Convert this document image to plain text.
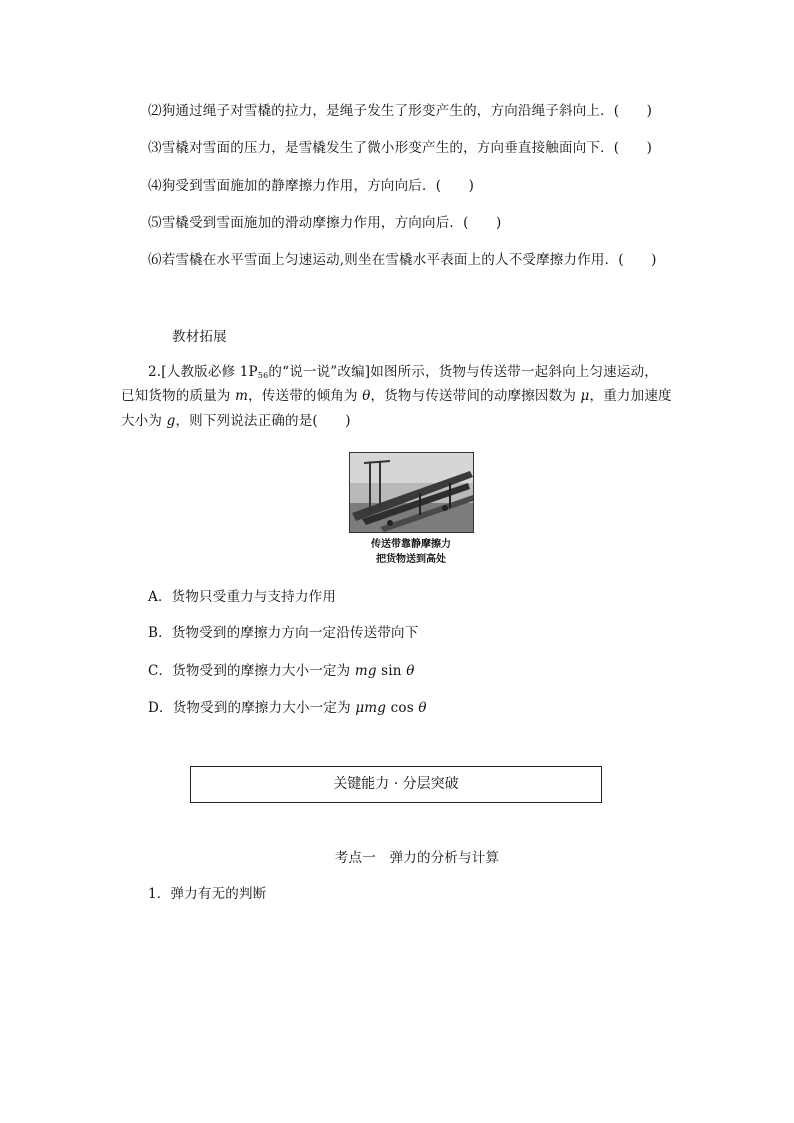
⑵狗通过绳子对雪橇的拉力，是绳子发生了形变产生的，方向沿绳子斜向上．(　　)
⑶雪橇对雪面的压力，是雪橇发生了微小形变产生的，方向垂直接触面向下．(　　)
⑷狗受到雪面施加的静摩擦力作用，方向向后．(　　)
⑸雪橇受到雪面施加的滑动摩擦力作用，方向向后．(　　)
⑹若雪橇在水平雪面上匀速运动,则坐在雪橇水平表面上的人不受摩擦力作用．(　　)
教材拓展
2.[人教版必修 $1P_{56}$的“说一说”改编]如图所示，货物与传送带一起斜向上匀速运动，
已知货物的质量为 m，传送带的倾角为 θ，货物与传送带间的动摩擦因数为 μ，重力加速度
大小为 g，则下列说法正确的是(　　)
传送带靠静摩擦力
把货物送到高处
A．货物只受重力与支持力作用
B．货物受到的摩擦力方向一定沿传送带向下
C．货物受到的摩擦力大小一定为 mg sin θ
D．货物受到的摩擦力大小一定为 μmg cos θ
关键能力 · 分层突破
考点一　弹力的分析与计算
1．弹力有无的判断
